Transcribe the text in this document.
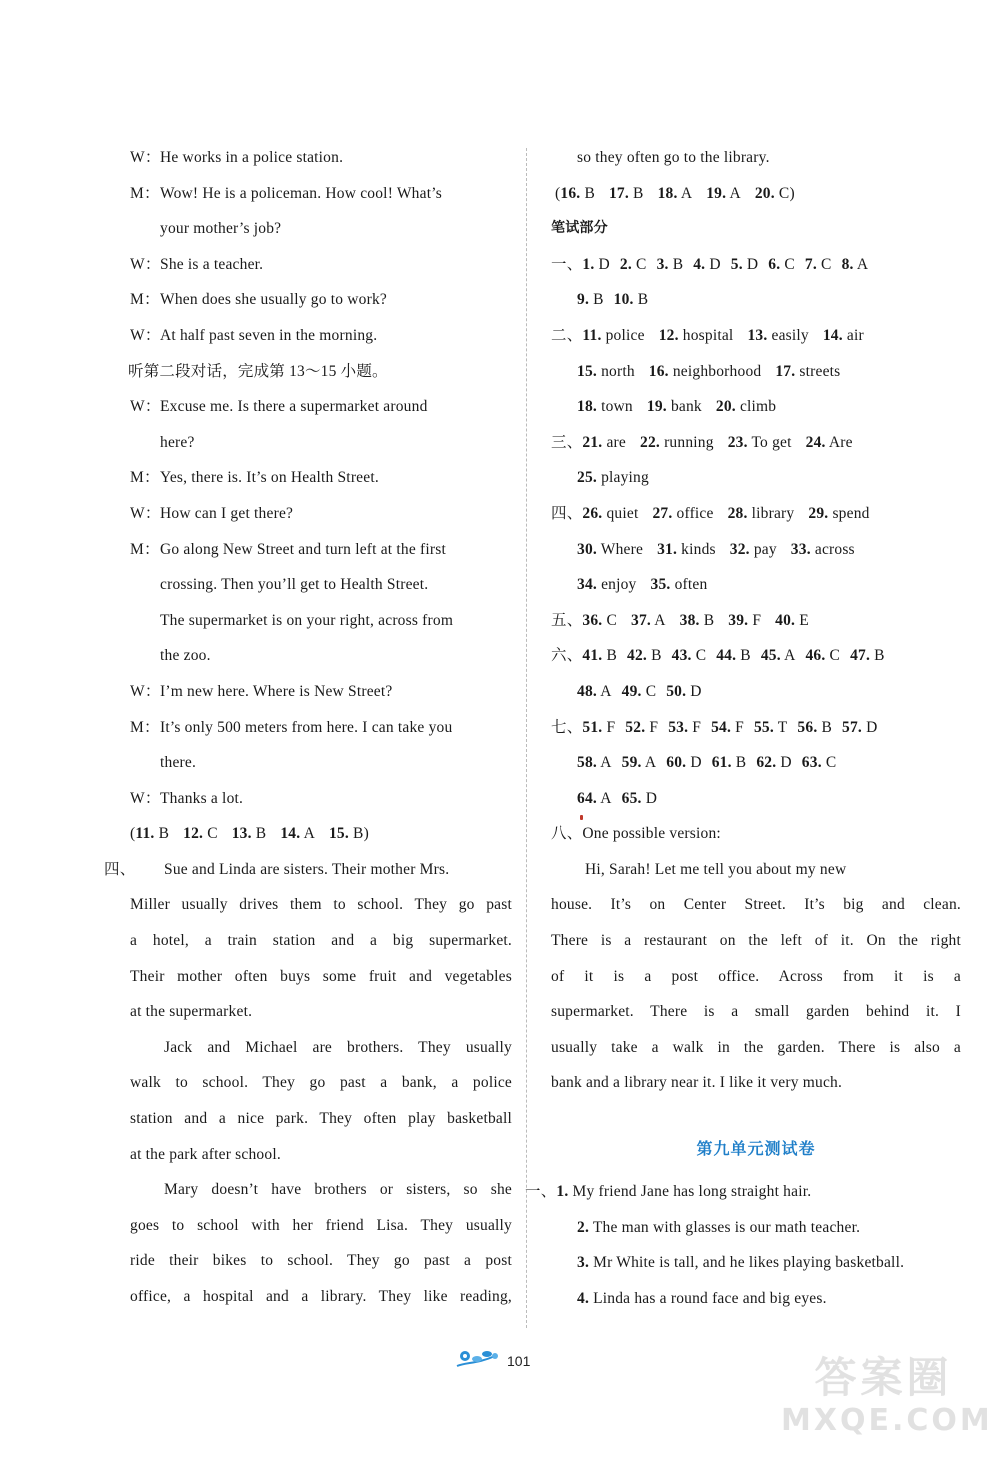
W：He works in a police station.
M：Wow! He is a policeman. How cool! What’s
your mother’s job?
W：She is a teacher.
M：When does she usually go to work?
W：At half past seven in the morning.
听第二段对话，完成第 13～15 小题。
W：Excuse me. Is there a supermarket around
here?
M：Yes, there is. It’s on Health Street.
W：How can I get there?
M：Go along New Street and turn left at the first
crossing. Then you’ll get to Health Street.
The supermarket is on your right, across from
the zoo.
W：I’m new here. Where is New Street?
M：It’s only 500 meters from here. I can take you
there.
W：Thanks a lot.
(11. B 12. C 13. B 14. A 15. B)
四、 Sue and Linda are sisters. Their mother Mrs.
Miller usually drives them to school. They go past
a hotel, a train station and a big supermarket.
Their mother often buys some fruit and vegetables
at the supermarket.
Jack and Michael are brothers. They usually
walk to school. They go past a bank, a police
station and a nice park. They often play basketball
at the park after school.
Mary doesn’t have brothers or sisters, so she
goes to school with her friend Lisa. They usually
ride their bikes to school. They go past a post
office, a hospital and a library. They like reading,
so they often go to the library.
(16. B 17. B 18. A 19. A 20. C)
笔试部分
一、1. D 2. C 3. B 4. D 5. D 6. C 7. C 8. A
9. B 10. B
二、11. police 12. hospital 13. easily 14. air
15. north 16. neighborhood 17. streets
18. town 19. bank 20. climb
三、21. are 22. running 23. To get 24. Are
25. playing
四、26. quiet 27. office 28. library 29. spend
30. Where 31. kinds 32. pay 33. across
34. enjoy 35. often
五、36. C 37. A 38. B 39. F 40. E
六、41. B 42. B 43. C 44. B 45. A 46. C 47. B
48. A 49. C 50. D
七、51. F 52. F 53. F 54. F 55. T 56. B 57. D
58. A 59. A 60. D 61. B 62. D 63. C
64. A 65. D
八、One possible version:
Hi, Sarah! Let me tell you about my new
house. It’s on Center Street. It’s big and clean.
There is a restaurant on the left of it. On the right
of it is a post office. Across from it is a
supermarket. There is a small garden behind it. I
usually take a walk in the garden. There is also a
bank and a library near it. I like it very much.
第九单元测试卷
一、1. My friend Jane has long straight hair.
2. The man with glasses is our math teacher.
3. Mr White is tall, and he likes playing basketball.
4. Linda has a round face and big eyes.
101	答案圈
MXQE.COM
